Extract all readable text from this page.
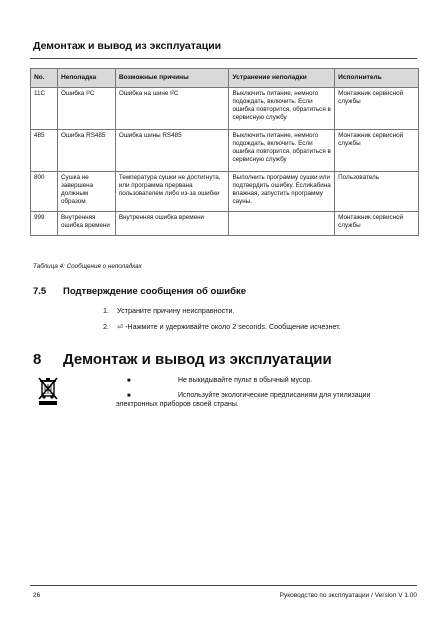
Демонтаж и вывод из эксплуатации
No.	Неполадка	Возможные причины	Устранение неполадки	Исполнитель
11C	Ошибка I²C	Ошибка на шине I²C	Выключить питание, немного подождать, включить. Если ошибка повторится, обратиться в сервисную службу	Монтажник сервисной службы
485	Ошибка RS485	Ошибка шины RS485	Выключить питание, немного подождать, включить. Если ошибка повторится, обратиться в сервисную службу	Монтажник сервисной службы
800	Сушка не завершена должным образом	Температура сушки не достигнута, или программа прервана пользователем либо из-за ошибки	Выполнить программу сушки или подтвердить ошибку. Еслиkабина влажная, запустить программу сауны.	Пользователь
999	Внутренняя ошибка времени	Внутренняя ошибка времени		Монтажник сервисной службы
Таблица 4: Сообщения о неполадках
7.5 Подтверждение сообщения об ошибке
1. Устраните причину неисправности.
2. ⏎ -Нажмите и удерживайте около 2 seconds. Сообщение исчезнет.
8 Демонтаж и вывод из эксплуатации
■	Не выкидывайте пульт в обычный мусор.
■	Используйте экологические предписаниям для утилизации
электронных приборов своей страны.
26	Руководство по эксплуатации / Version V 1.00
